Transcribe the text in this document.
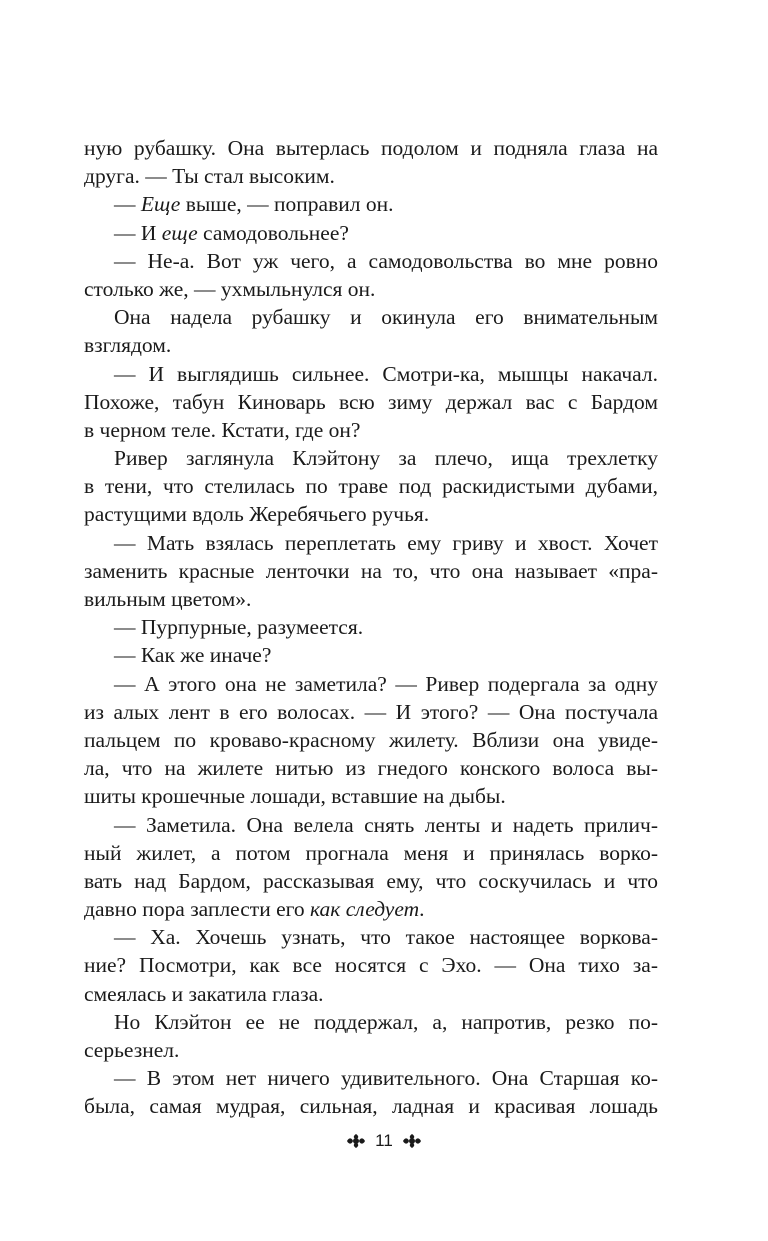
ную рубашку. Она вытерлась подолом и подняла глаза на
друга. — Ты стал высоким.
— Еще выше, — поправил он.
— И еще самодовольнее?
— Не-а. Вот уж чего, а самодовольства во мне ровно
столько же, — ухмыльнулся он.
Она надела рубашку и окинула его внимательным
взглядом.
— И выглядишь сильнее. Смотри-ка, мышцы накачал.
Похоже, табун Киноварь всю зиму держал вас с Бардом
в черном теле. Кстати, где он?
Ривер заглянула Клэйтону за плечо, ища трехлетку
в тени, что стелилась по траве под раскидистыми дубами,
растущими вдоль Жеребячьего ручья.
— Мать взялась переплетать ему гриву и хвост. Хочет
заменить красные ленточки на то, что она называет «пра-
вильным цветом».
— Пурпурные, разумеется.
— Как же иначе?
— А этого она не заметила? — Ривер подергала за одну
из алых лент в его волосах. — И этого? — Она постучала
пальцем по кроваво-красному жилету. Вблизи она увиде-
ла, что на жилете нитью из гнедого конского волоса вы-
шиты крошечные лошади, вставшие на дыбы.
— Заметила. Она велела снять ленты и надеть прилич-
ный жилет, а потом прогнала меня и принялась ворко-
вать над Бардом, рассказывая ему, что соскучилась и что
давно пора заплести его как следует.
— Ха. Хочешь узнать, что такое настоящее воркова-
ние? Посмотри, как все носятся с Эхо. — Она тихо за-
смеялась и закатила глаза.
Но Клэйтон ее не поддержал, а, напротив, резко по-
серьезнел.
— В этом нет ничего удивительного. Она Старшая ко-
была, самая мудрая, сильная, ладная и красивая лошадь
11
